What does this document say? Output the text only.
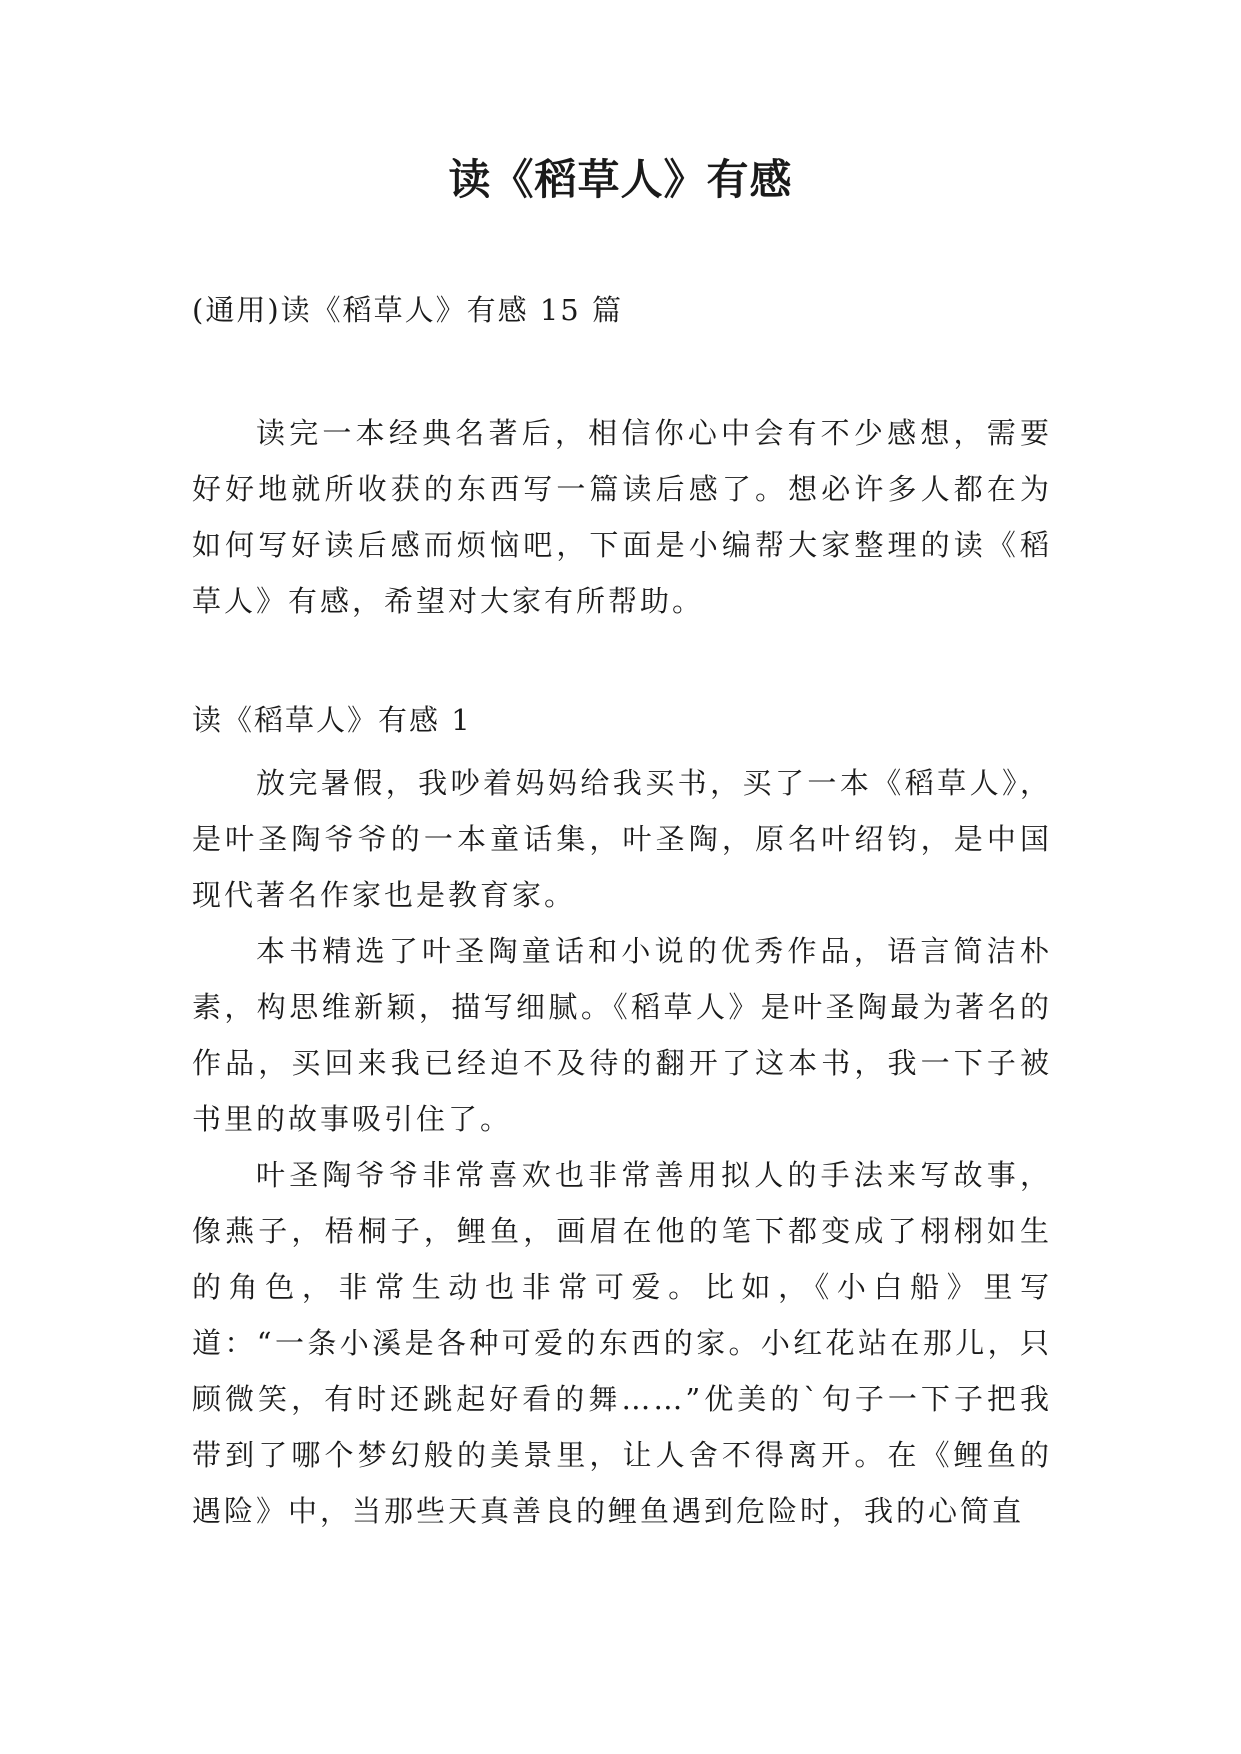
读《稻草人》有感
(通用)读《稻草人》有感 15 篇

读完一本经典名著后，相信你心中会有不少感想，需要好好地就所收获的东西写一篇读后感了。想必许多人都在为如何写好读后感而烦恼吧，下面是小编帮大家整理的读《稻草人》有感，希望对大家有所帮助。

读《稻草人》有感 1

放完暑假，我吵着妈妈给我买书，买了一本《稻草人》，是叶圣陶爷爷的一本童话集，叶圣陶，原名叶绍钧，是中国现代著名作家也是教育家。

本书精选了叶圣陶童话和小说的优秀作品，语言简洁朴素，构思维新颖，描写细腻。《稻草人》是叶圣陶最为著名的作品，买回来我已经迫不及待的翻开了这本书，我一下子被书里的故事吸引住了。

叶圣陶爷爷非常喜欢也非常善用拟人的手法来写故事，像燕子，梧桐子，鲤鱼，画眉在他的笔下都变成了栩栩如生的角色，非常生动也非常可爱。比如，《小白船》里写道：“一条小溪是各种可爱的东西的家。小红花站在那儿，只顾微笑，有时还跳起好看的舞……”优美的`句子一下子把我带到了哪个梦幻般的美景里，让人舍不得离开。在《鲤鱼的遇险》中，当那些天真善良的鲤鱼遇到危险时，我的心简直
